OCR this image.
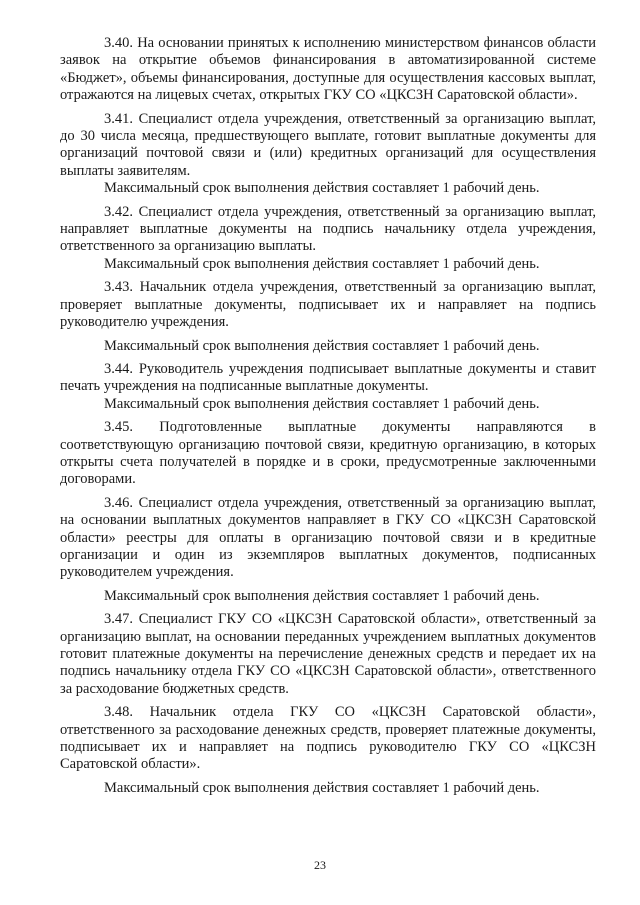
3.40. На основании принятых к исполнению министерством финансов области заявок на открытие объемов финансирования в автоматизированной системе «Бюджет», объемы финансирования, доступные для осуществления кассовых выплат, отражаются на лицевых счетах, открытых ГКУ СО «ЦКСЗН Саратовской области».

3.41. Специалист отдела учреждения, ответственный за организацию выплат, до 30 числа месяца, предшествующего выплате, готовит выплатные документы для организаций почтовой связи и (или) кредитных организаций для осуществления выплаты заявителям.

Максимальный срок выполнения действия составляет 1 рабочий день.

3.42. Специалист отдела учреждения, ответственный за организацию выплат, направляет выплатные документы на подпись начальнику отдела учреждения, ответственного за организацию выплаты.

Максимальный срок выполнения действия составляет 1 рабочий день.

3.43. Начальник отдела учреждения, ответственный за организацию выплат, проверяет выплатные документы, подписывает их и направляет на подпись руководителю учреждения.

Максимальный срок выполнения действия составляет 1 рабочий день.

3.44. Руководитель учреждения подписывает выплатные документы и ставит печать учреждения на подписанные выплатные документы.

Максимальный срок выполнения действия составляет 1 рабочий день.

3.45. Подготовленные выплатные документы направляются в соответствующую организацию почтовой связи, кредитную организацию, в которых открыты счета получателей в порядке и в сроки, предусмотренные заключенными договорами.

3.46. Специалист отдела учреждения, ответственный за организацию выплат, на основании выплатных документов направляет в ГКУ СО «ЦКСЗН Саратовской области» реестры для оплаты в организацию почтовой связи и в кредитные организации и один из экземпляров выплатных документов, подписанных руководителем учреждения.

Максимальный срок выполнения действия составляет 1 рабочий день.

3.47. Специалист ГКУ СО «ЦКСЗН Саратовской области», ответственный за организацию выплат, на основании переданных учреждением выплатных документов готовит платежные документы на перечисление денежных средств и передает их на подпись начальнику отдела ГКУ СО «ЦКСЗН Саратовской области», ответственного за расходование бюджетных средств.

3.48. Начальник отдела ГКУ СО «ЦКСЗН Саратовской области», ответственного за расходование денежных средств, проверяет платежные документы, подписывает их и направляет на подпись руководителю ГКУ СО «ЦКСЗН Саратовской области».

Максимальный срок выполнения действия составляет 1 рабочий день.

23
